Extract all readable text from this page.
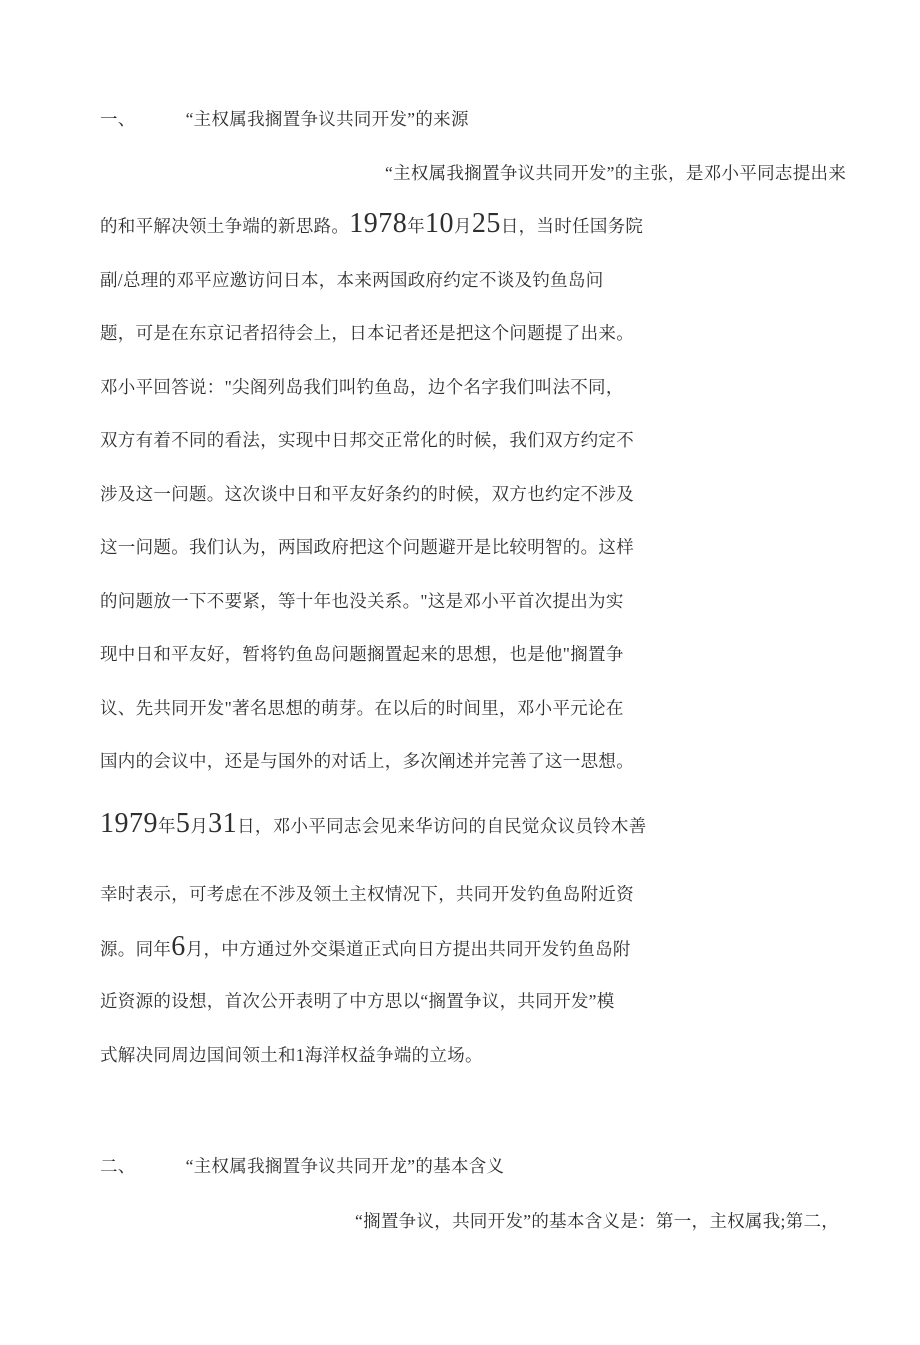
一、	“主权属我搁置争议共同开发”的来源
“主权属我搁置争议共同开发”的主张，是邓小平同志提出来
的和平解决领土争端的新思路。1978年10月25日，当时任国务院
副/总理的邓平应邀访问日本，本来两国政府约定不谈及钓鱼岛问
题，可是在东京记者招待会上，日本记者还是把这个问题提了出来。
邓小平回答说："尖阁列岛我们叫钓鱼岛，边个名字我们叫法不同，
双方有着不同的看法，实现中日邦交正常化的时候，我们双方约定不
涉及这一问题。这次谈中日和平友好条约的时候，双方也约定不涉及
这一问题。我们认为，两国政府把这个问题避开是比较明智的。这样
的问题放一下不要紧，等十年也没关系。"这是邓小平首次提出为实
现中日和平友好，暂将钓鱼岛问题搁置起来的思想，也是他"搁置争
议、先共同开发"著名思想的萌芽。在以后的时间里，邓小平元论在
国内的会议中，还是与国外的对话上，多次阐述并完善了这一思想。
1979年5月31日，邓小平同志会见来华访问的自民觉众议员铃木善
幸时表示，可考虑在不涉及领土主权情况下，共同开发钓鱼岛附近资
源。同年6月，中方通过外交渠道正式向日方提出共同开发钓鱼岛附
近资源的设想，首次公开表明了中方思以“搁置争议，共同开发”模
式解决同周边国间领土和1海洋权益争端的立场。
二、	“主权属我搁置争议共同开龙”的基本含义
“搁置争议，共同开发”的基本含义是：第一，主权属我;第二，
